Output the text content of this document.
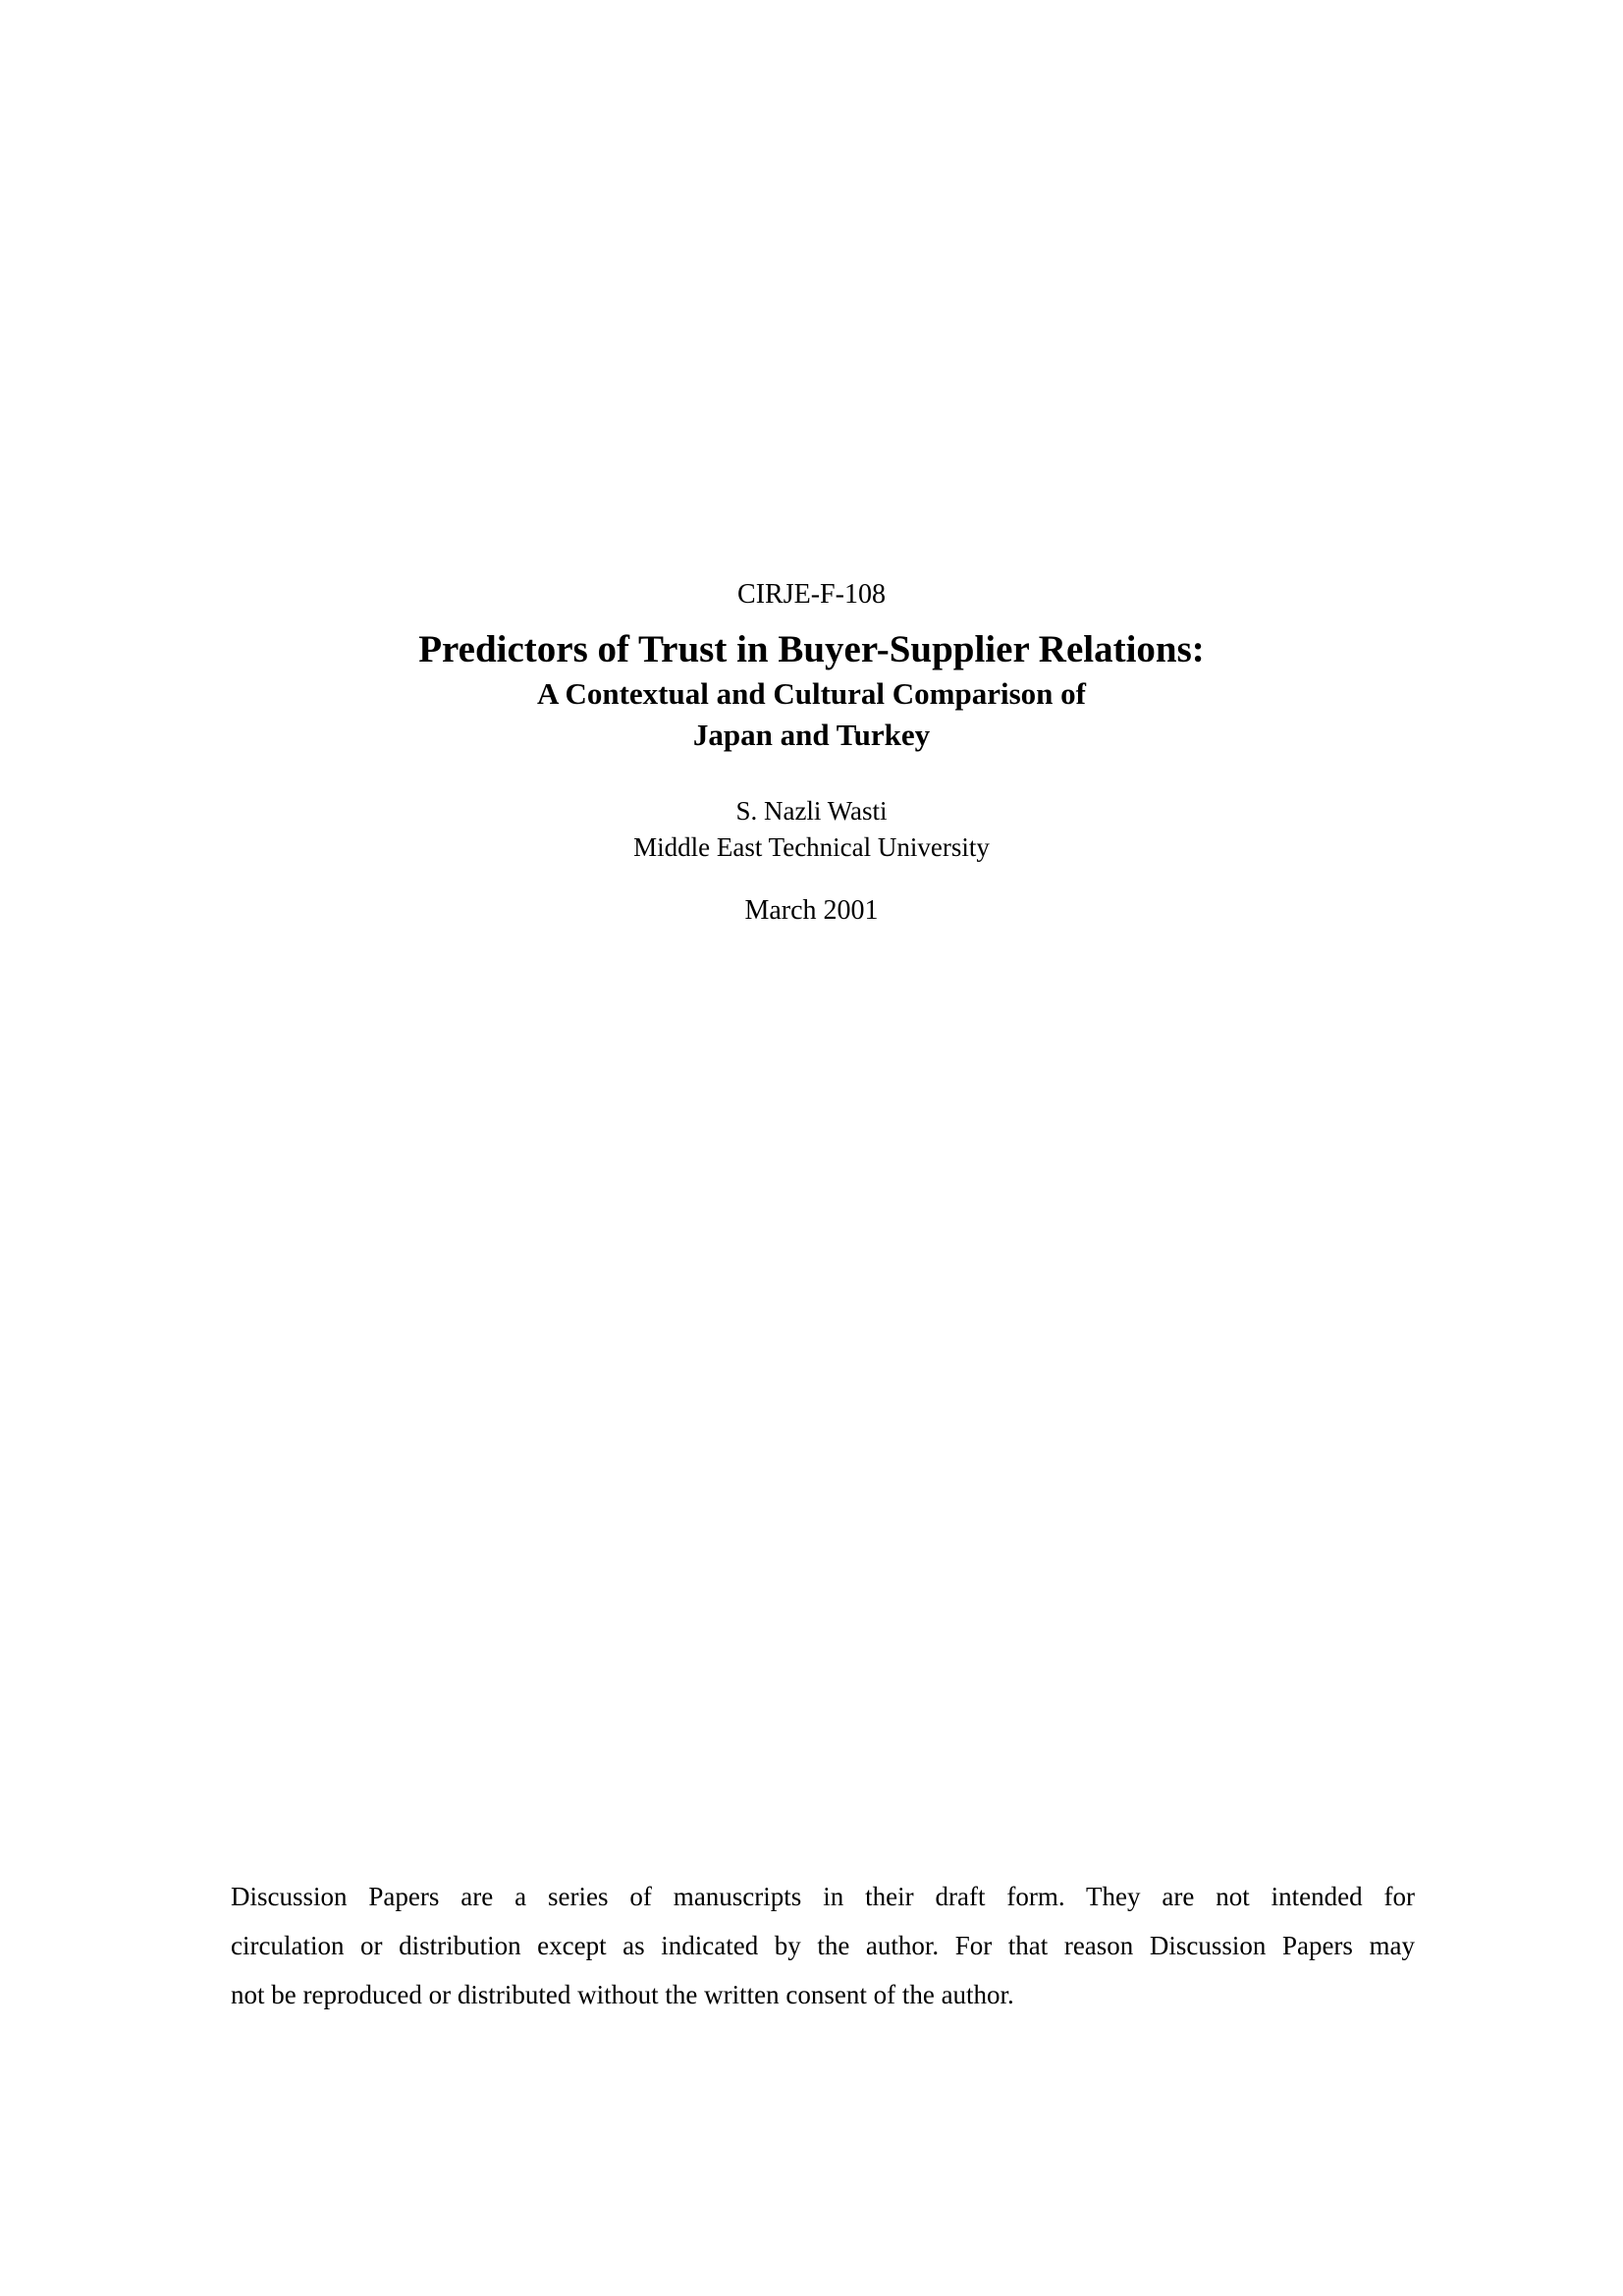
CIRJE-F-108
Predictors of Trust in Buyer-Supplier Relations:
A Contextual and Cultural Comparison of
Japan and Turkey
S. Nazli Wasti
Middle East Technical University
March 2001
Discussion Papers are a series of manuscripts in their draft form. They are not intended for
circulation or distribution except as indicated by the author. For that reason Discussion Papers may
not be reproduced or distributed without the written consent of the author.
